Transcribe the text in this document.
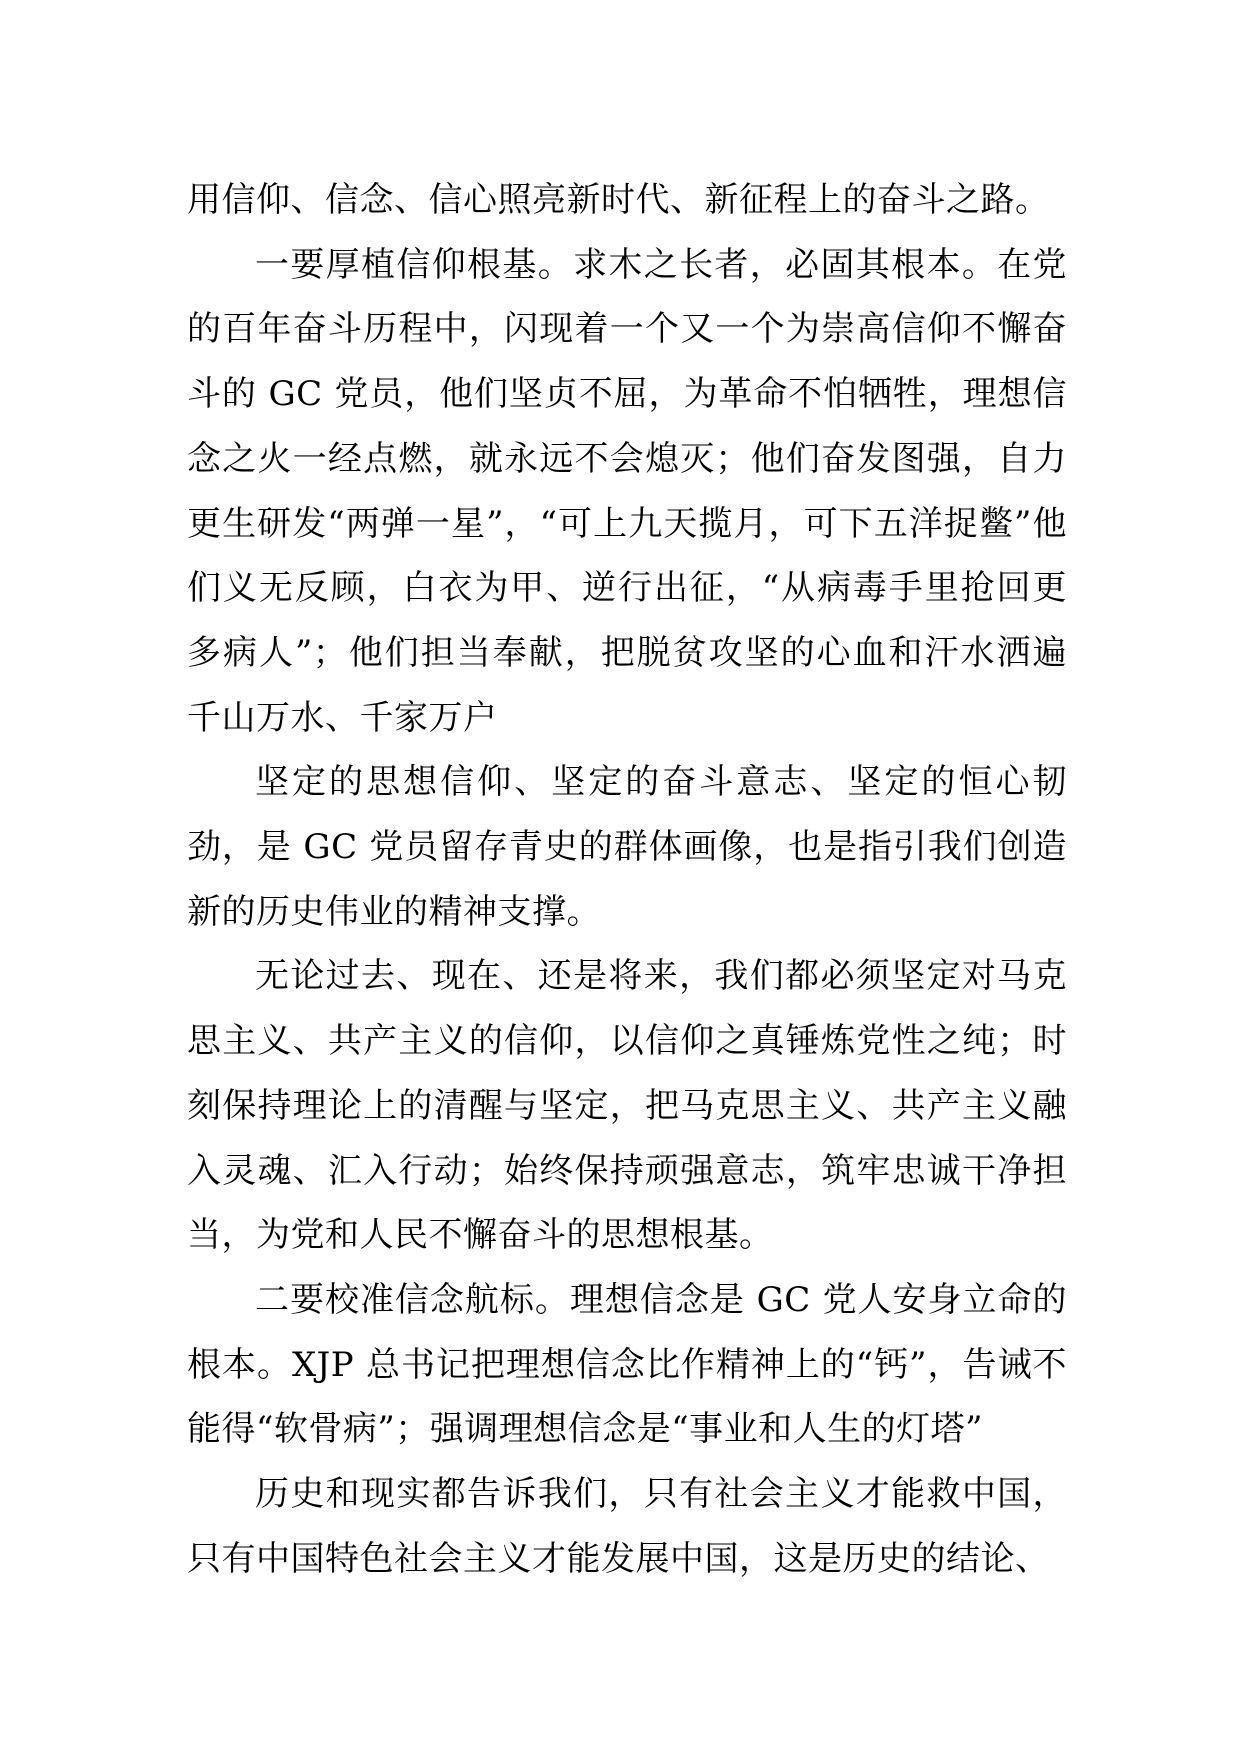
用信仰、信念、信心照亮新时代、新征程上的奋斗之路。

一要厚植信仰根基。求木之长者，必固其根本。在党的百年奋斗历程中，闪现着一个又一个为崇高信仰不懈奋斗的 GC 党员，他们坚贞不屈，为革命不怕牺牲，理想信念之火一经点燃，就永远不会熄灭；他们奋发图强，自力更生研发“两弹一星”，“可上九天揽月，可下五洋捉鳖”他们义无反顾，白衣为甲、逆行出征，“从病毒手里抢回更多病人”；他们担当奉献，把脱贫攻坚的心血和汗水洒遍千山万水、千家万户

坚定的思想信仰、坚定的奋斗意志、坚定的恒心韧劲，是 GC 党员留存青史的群体画像，也是指引我们创造新的历史伟业的精神支撑。

无论过去、现在、还是将来，我们都必须坚定对马克思主义、共产主义的信仰，以信仰之真锤炼党性之纯；时刻保持理论上的清醒与坚定，把马克思主义、共产主义融入灵魂、汇入行动；始终保持顽强意志，筑牢忠诚干净担当，为党和人民不懈奋斗的思想根基。

二要校准信念航标。理想信念是 GC 党人安身立命的根本。XJP 总书记把理想信念比作精神上的“钙”，告诫不能得“软骨病”；强调理想信念是“事业和人生的灯塔”

历史和现实都告诉我们，只有社会主义才能救中国，只有中国特色社会主义才能发展中国，这是历史的结论、
